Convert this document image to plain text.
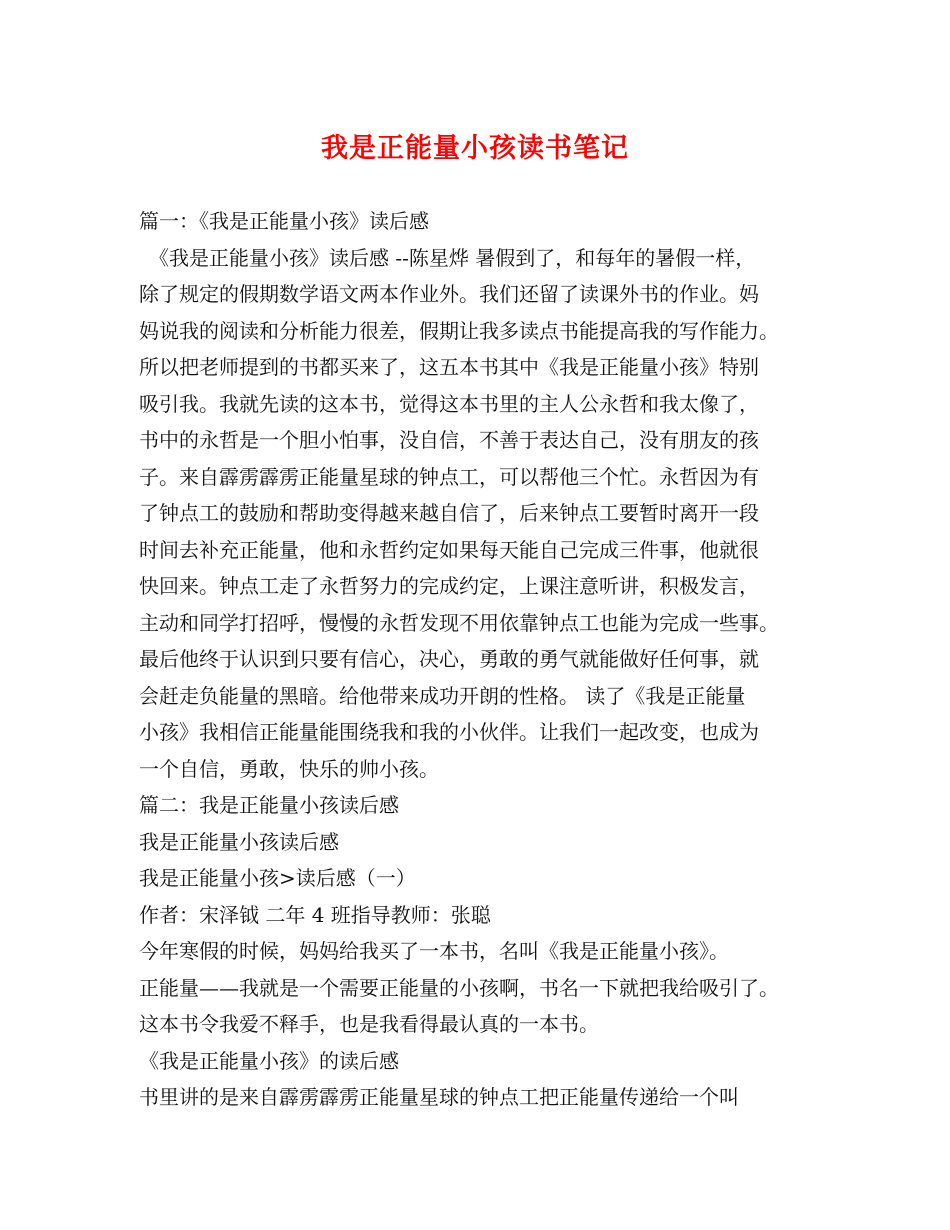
我是正能量小孩读书笔记
篇一：《我是正能量小孩》读后感
　《我是正能量小孩》读后感 --陈星烨 暑假到了，和每年的暑假一样，
除了规定的假期数学语文两本作业外。我们还留了读课外书的作业。妈
妈说我的阅读和分析能力很差，假期让我多读点书能提高我的写作能力。
所以把老师提到的书都买来了，这五本书其中《我是正能量小孩》特别
吸引我。我就先读的这本书，觉得这本书里的主人公永哲和我太像了，
书中的永哲是一个胆小怕事，没自信，不善于表达自己，没有朋友的孩
子。来自霹雳霹雳正能量星球的钟点工，可以帮他三个忙。永哲因为有
了钟点工的鼓励和帮助变得越来越自信了，后来钟点工要暂时离开一段
时间去补充正能量，他和永哲约定如果每天能自己完成三件事，他就很
快回来。钟点工走了永哲努力的完成约定，上课注意听讲，积极发言，
主动和同学打招呼，慢慢的永哲发现不用依靠钟点工也能为完成一些事。
最后他终于认识到只要有信心，决心，勇敢的勇气就能做好任何事，就
会赶走负能量的黑暗。给他带来成功开朗的性格。 读了《我是正能量
小孩》我相信正能量能围绕我和我的小伙伴。让我们一起改变，也成为
一个自信，勇敢，快乐的帅小孩。
篇二：我是正能量小孩读后感
我是正能量小孩读后感
我是正能量小孩>读后感（一）
作者：宋泽钺 二年 4 班指导教师：张聪
今年寒假的时候，妈妈给我买了一本书，名叫《我是正能量小孩》。
正能量——我就是一个需要正能量的小孩啊，书名一下就把我给吸引了。
这本书令我爱不释手，也是我看得最认真的一本书。
《我是正能量小孩》的读后感
书里讲的是来自霹雳霹雳正能量星球的钟点工把正能量传递给一个叫
